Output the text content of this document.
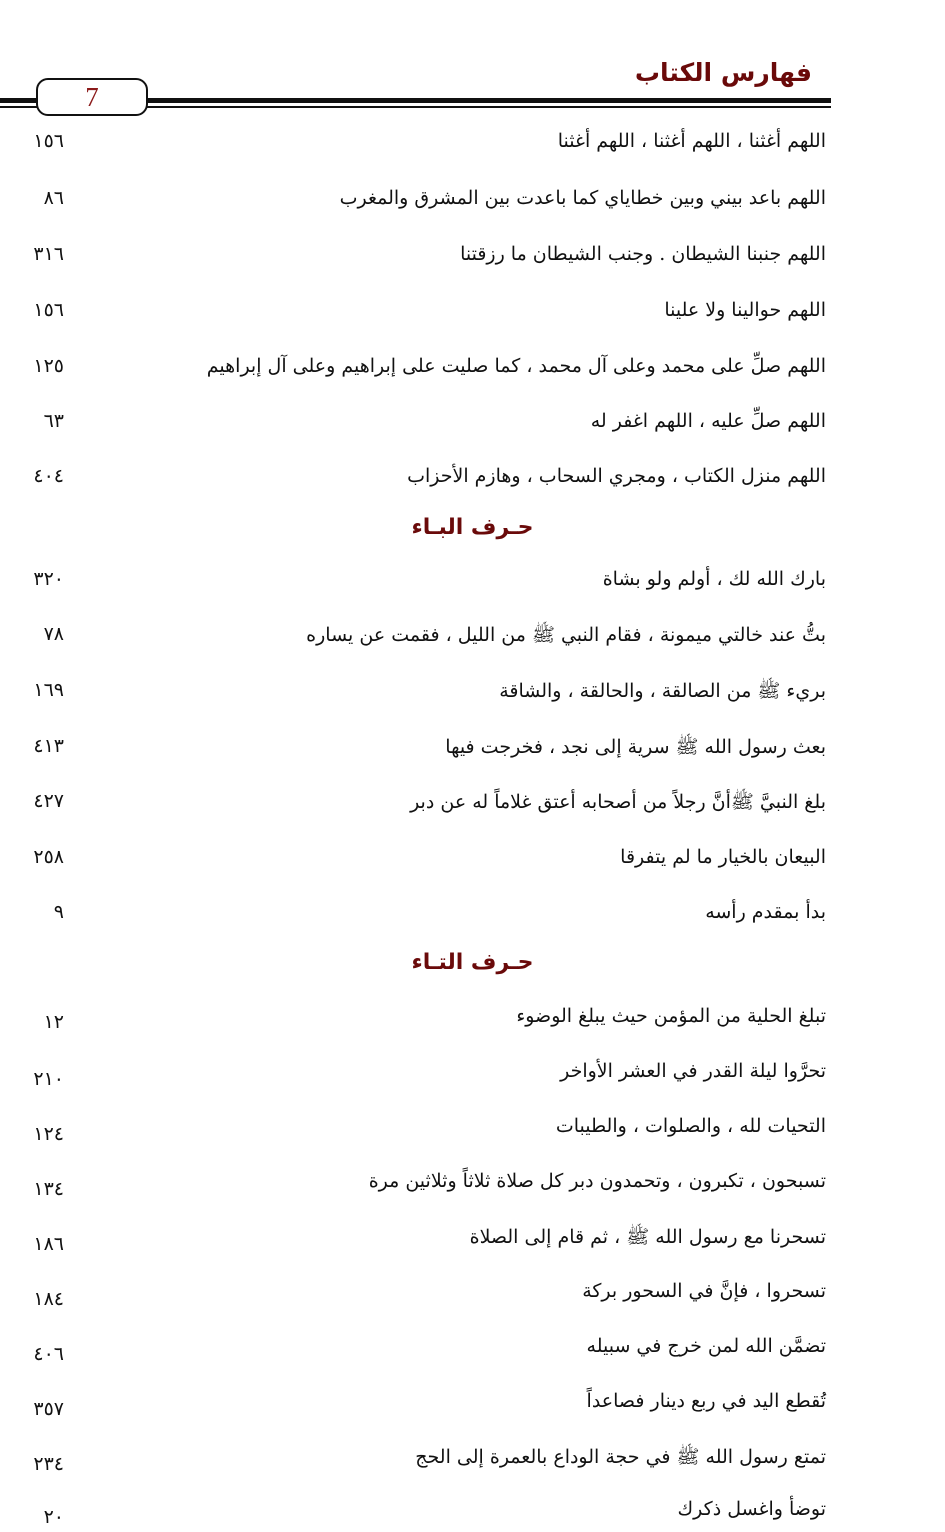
فهارس الكتاب
7
اللهم أغثنا ، اللهم أغثنا ، اللهم أغثنا
١٥٦
اللهم باعد بيني وبين خطاياي كما باعدت بين المشرق والمغرب
٨٦
اللهم جنبنا الشيطان . وجنب الشيطان ما رزقتنا
٣١٦
اللهم حوالينا ولا علينا
١٥٦
اللهم صلِّ على محمد وعلى آل محمد ، كما صليت على إبراهيم وعلى آل إبراهيم
١٢٥
اللهم صلِّ عليه ، اللهم اغفر له
٦٣
اللهم منزل الكتاب ، ومجري السحاب ، وهازم الأحزاب
٤٠٤
حـرف البـاء
بارك الله لك ، أولم ولو بشاة
٣٢٠
بتُّ عند خالتي ميمونة ، فقام النبي ﷺ من الليل ، فقمت عن يساره
٧٨
بريء ﷺ من الصالقة ، والحالقة ، والشاقة
١٦٩
بعث رسول الله ﷺ سرية إلى نجد ، فخرجت فيها
٤١٣
بلغ النبيَّ ﷺأنَّ رجلاً من أصحابه أعتق غلاماً له عن دبر
٤٢٧
البيعان بالخيار ما لم يتفرقا
٢٥٨
بدأ بمقدم رأسه
٩
حـرف التـاء
تبلغ الحلية من المؤمن حيث يبلغ الوضوء
١٢
تحرَّوا ليلة القدر في العشر الأواخر
٢١٠
التحيات لله ، والصلوات ، والطيبات
١٢٤
تسبحون ، تكبرون ، وتحمدون دبر كل صلاة ثلاثاً وثلاثين مرة
١٣٤
تسحرنا مع رسول الله ﷺ ، ثم قام إلى الصلاة
١٨٦
تسحروا ، فإنَّ في السحور بركة
١٨٤
تضمَّن الله لمن خرج في سبيله
٤٠٦
تُقطع اليد في ربع دينار فصاعداً
٣٥٧
تمتع رسول الله ﷺ في حجة الوداع بالعمرة إلى الحج
٢٣٤
توضأ واغسل ذكرك
٢٠
